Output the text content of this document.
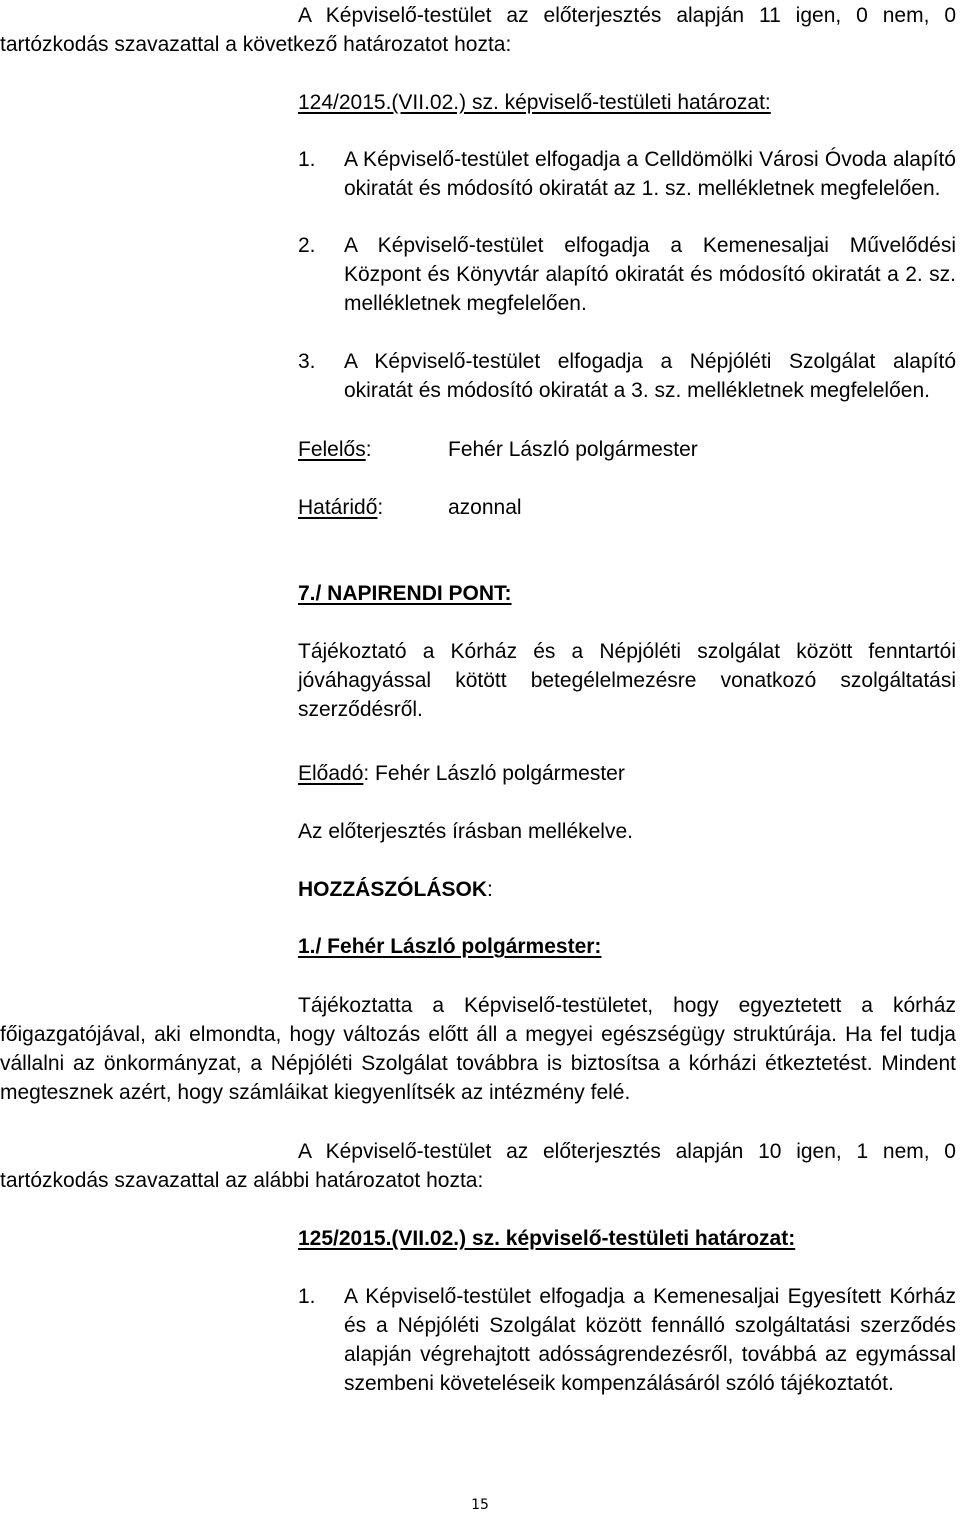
A Képviselő-testület az előterjesztés alapján 11 igen, 0 nem, 0 tartózkodás szavazattal a következő határozatot hozta:
124/2015.(VII.02.) sz. képviselő-testületi határozat:
1. A Képviselő-testület elfogadja a Celldömölki Városi Óvoda alapító okiratát és módosító okiratát az 1. sz. mellékletnek megfelelően.
2. A Képviselő-testület elfogadja a Kemenesaljai Művelődési Központ és Könyvtár alapító okiratát és módosító okiratát a 2. sz. mellékletnek megfelelően.
3. A Képviselő-testület elfogadja a Népjóléti Szolgálat alapító okiratát és módosító okiratát a 3. sz. mellékletnek megfelelően.
Felelős:	Fehér László polgármester
Határidő:	azonnal
7./ NAPIRENDI PONT:
Tájékoztató a Kórház és a Népjóléti szolgálat között fenntartói jóváhagyással kötött betegélelmezésre vonatkozó szolgáltatási szerződésről.
Előadó: Fehér László polgármester
Az előterjesztés írásban mellékelve.
HOZZÁSZÓLÁSOK:
1./ Fehér László polgármester:
Tájékoztatta a Képviselő-testületet, hogy egyeztetett a kórház főigazgatójával, aki elmondta, hogy változás előtt áll a megyei egészségügy struktúrája. Ha fel tudja vállalni az önkormányzat, a Népjóléti Szolgálat továbbra is biztosítsa a kórházi étkeztetést. Mindent megtesznek azért, hogy számláikat kiegyenlítsék az intézmény felé.
A Képviselő-testület az előterjesztés alapján 10 igen, 1 nem, 0 tartózkodás szavazattal az alábbi határozatot hozta:
125/2015.(VII.02.) sz. képviselő-testületi határozat:
1. A Képviselő-testület elfogadja a Kemenesaljai Egyesített Kórház és a Népjóléti Szolgálat között fennálló szolgáltatási szerződés alapján végrehajtott adósságrendezésről, továbbá az egymással szembeni követeléseik kompenzálásáról szóló tájékoztatót.
15
